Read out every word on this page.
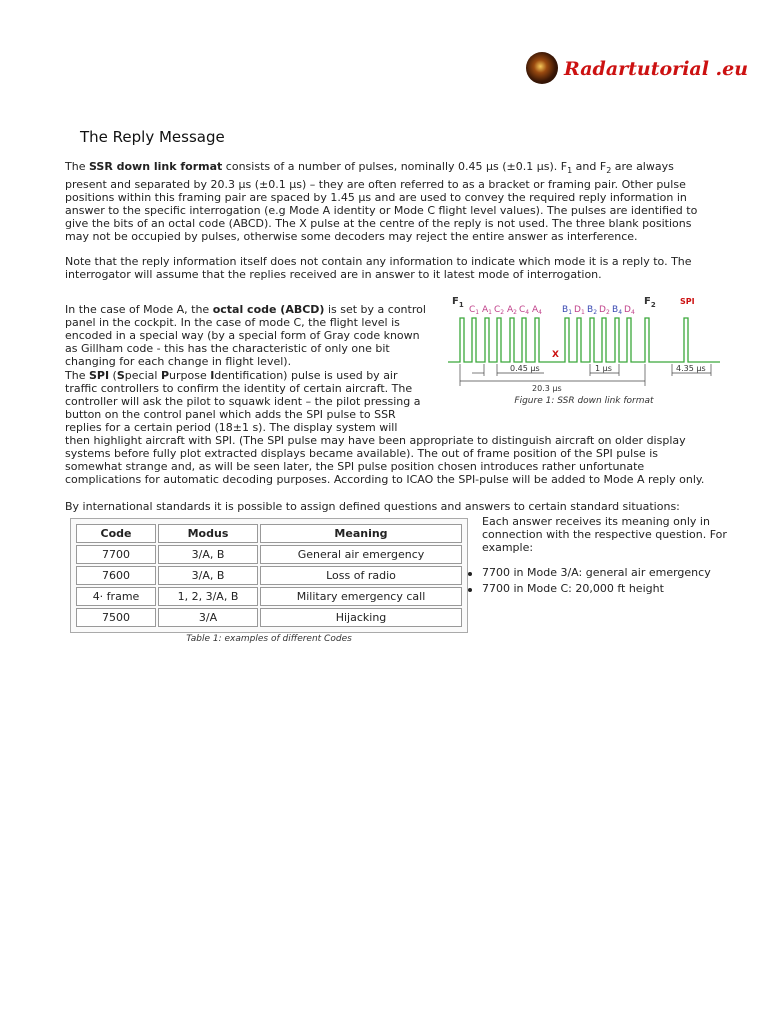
Radartutorial .eu
The Reply Message

The SSR down link format consists of a number of pulses, nominally 0.45 µs (±0.1 µs). $F_1$ and $F_2$ are always present and separated by 20.3 µs (±0.1 µs) – they are often referred to as a bracket or framing pair. Other pulse positions within this framing pair are spaced by 1.45 µs and are used to convey the required reply information in answer to the specific interrogation (e.g Mode A identity or Mode C flight level values). The pulses are identified to give the bits of an octal code (ABCD). The X pulse at the centre of the reply is not used. The three blank positions may not be occupied by pulses, otherwise some decoders may reject the entire answer as interference.

Note that the reply information itself does not contain any information to indicate which mode it is a reply to. The interrogator will assume that the replies received are in answer to it latest mode of interrogation.

In the case of Mode A, the octal code (ABCD) is set by a control panel in the cockpit. In the case of mode C, the flight level is encoded in a special way (by a special form of Gray code known as Gillham code - this has the characteristic of only one bit changing for each change in flight level).

The SPI (Special Purpose Identification) pulse is used by air traffic controllers to confirm the identity of certain aircraft. The controller will ask the pilot to squawk ident – the pilot pressing a button on the control panel which adds the SPI pulse to SSR replies for a certain period (18±1 s). The display system will
then highlight aircraft with SPI. (The SPI pulse may have been appropriate to distinguish aircraft on older display systems before fully plot extracted displays became available). The out of frame position of the SPI pulse is somewhat strange and, as will be seen later, the SPI pulse position chosen introduces rather unfortunate complications for automatic decoding purposes. According to ICAO the SPI-pulse will be added to Mode A reply only.

By international standards it is possible to assign defined questions and answers to certain standard situations:

$F_1$	$F_2$	SPI
X
$C_1$ $A_1$ $C_2$ $A_2$ $C_4$ $A_4$ $B_1$ $D_1$ $B_2$ $D_2$ $B_4$ $D_4$
0.45 µs	1 µs	4.35 µs
20.3 µs
Figure 1: SSR down link format
Code	Modus	Meaning
7700	3/A, B	General air emergency
7600	3/A, B	Loss of radio
4· frame	1, 2, 3/A, B	Military emergency call
7500	3/A	Hijacking
Table 1: examples of different Codes

Each answer receives its meaning only in connection with the respective question. For example:

7700 in Mode 3/A: general air emergency
7700 in Mode C: 20,000 ft height
